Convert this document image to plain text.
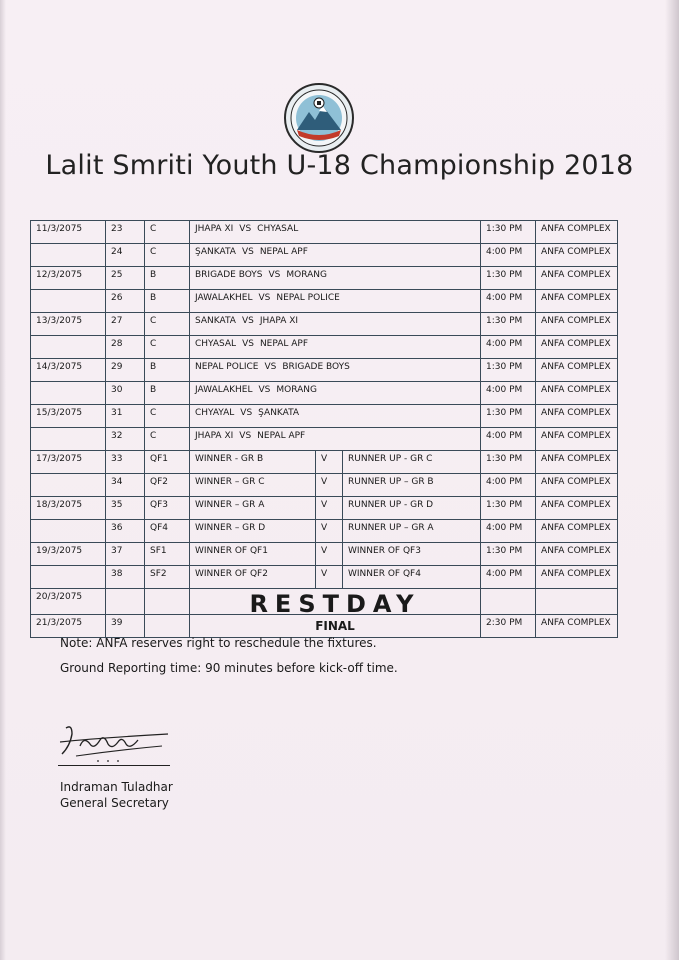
Lalit Smriti Youth U-18 Championship 2018
11/3/2075	23	C	JHAPA XI VS CHYASAL			1:30 PM	ANFA COMPLEX
	24	C	ŞANKATA VS NEPAL APF			4:00 PM	ANFA COMPLEX
12/3/2075	25	B	BRIGADE BOYS VS MORANG			1:30 PM	ANFA COMPLEX
	26	B	JAWALAKHEL VS NEPAL POLICE			4:00 PM	ANFA COMPLEX
13/3/2075	27	C	SANKATA VS JHAPA XI			1:30 PM	ANFA COMPLEX
	28	C	CHYASAL VS NEPAL APF			4:00 PM	ANFA COMPLEX
14/3/2075	29	B	NEPAL POLICE VS BRIGADE BOYS			1:30 PM	ANFA COMPLEX
	30	B	JAWALAKHEL VS MORANG			4:00 PM	ANFA COMPLEX
15/3/2075	31	C	CHYAYAL VS ŞANKATA			1:30 PM	ANFA COMPLEX
	32	C	JHAPA XI VS NEPAL APF			4:00 PM	ANFA COMPLEX
17/3/2075	33	QF1	WINNER - GR B	V	RUNNER UP - GR C	1:30 PM	ANFA COMPLEX
	34	QF2	WINNER – GR C	V	RUNNER UP – GR B	4:00 PM	ANFA COMPLEX
18/3/2075	35	QF3	WINNER – GR A	V	RUNNER UP - GR D	1:30 PM	ANFA COMPLEX
	36	QF4	WINNER – GR D	V	RUNNER UP – GR A	4:00 PM	ANFA COMPLEX
19/3/2075	37	SF1	WINNER OF QF1	V	WINNER OF QF3	1:30 PM	ANFA COMPLEX
	38	SF2	WINNER OF QF2	V	WINNER OF QF4	4:00 PM	ANFA COMPLEX
20/3/2075			RESTDAY				
21/3/2075	39		FINAL			2:30 PM	ANFA COMPLEX

Note: ANFA reserves right to reschedule the fixtures.

Ground Reporting time: 90 minutes before kick-off time.

Indraman Tuladhar
General Secretary
